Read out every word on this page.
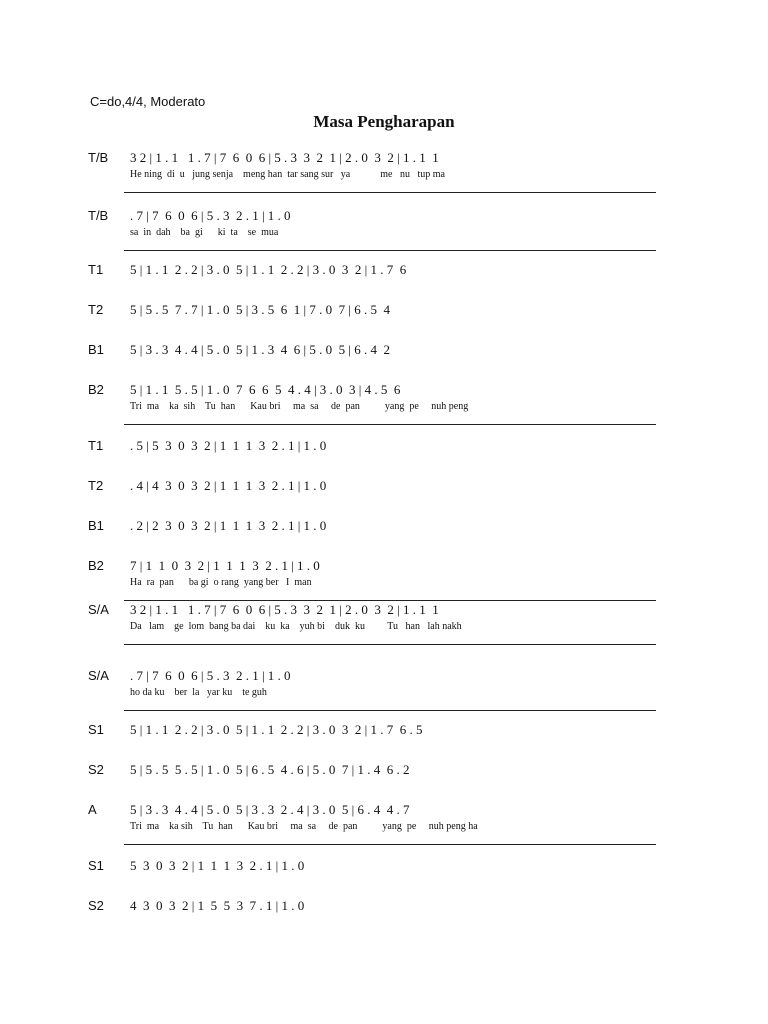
C=do,4/4, Moderato
Masa Pengharapan
T/B 3 2 | 1 . 1   1 . 7 | 7  6  0  6 | 5 . 3  3  2  1 | 2 . 0  3  2 | 1 . 1  1
He ning  di  u   jung senja    meng han  tar sang sur   ya            me   nu   tup ma
T/B . 7 | 7  6  0  6 | 5 . 3  2 . 1 | 1 . 0
sa  in  dah    ba  gi      ki  ta    se  mua
T1 5 | 1 . 1  2 . 2 | 3 . 0  5 | 1 . 1  2 . 2 | 3 . 0  3  2 | 1 . 7  6
T2 5 | 5 . 5  7 . 7 | 1 . 0  5 | 3 . 5  6  1 | 7 . 0  7 | 6 . 5  4
B1 5 | 3 . 3  4 . 4 | 5 . 0  5 | 1 . 3  4  6 | 5 . 0  5 | 6 . 4  2
B2 5 | 1 . 1  5 . 5 | 1 . 0  7  6  6  5  4 . 4 | 3 . 0  3 | 4 . 5  6
Tri  ma    ka  sih    Tu  han      Kau bri     ma  sa     de  pan          yang  pe     nuh peng
T1 . 5 | 5  3  0  3  2 | 1  1  1  3  2 . 1 | 1 . 0
T2 . 4 | 4  3  0  3  2 | 1  1  1  3  2 . 1 | 1 . 0
B1 . 2 | 2  3  0  3  2 | 1  1  1  3  2 . 1 | 1 . 0
B2 7 | 1  1  0  3  2 | 1  1  1  3  2 . 1 | 1 . 0
Ha  ra  pan      ba gi  o rang  yang ber   I  man
S/A 3 2 | 1 . 1   1 . 7 | 7  6  0  6 | 5 . 3  3  2  1 | 2 . 0  3  2 | 1 . 1  1
Da   lam    ge  lom  bang ba dai    ku  ka    yuh bi    duk  ku         Tu   han   lah nakh
S/A . 7 | 7  6  0  6 | 5 . 3  2 . 1 | 1 . 0
ho da ku    ber  la   yar ku    te guh
S1 5 | 1 . 1  2 . 2 | 3 . 0  5 | 1 . 1  2 . 2 | 3 . 0  3  2 | 1 . 7  6 . 5
S2 5 | 5 . 5  5 . 5 | 1 . 0  5 | 6 . 5  4 . 6 | 5 . 0  7 | 1 . 4  6 . 2
A	5 | 3 . 3  4 . 4 | 5 . 0  5 | 3 . 3  2 . 4 | 3 . 0  5 | 6 . 4  4 . 7
Tri  ma    ka sih    Tu  han      Kau bri     ma  sa     de  pan          yang  pe     nuh peng ha
S1 5  3  0  3  2 | 1  1  1  3  2 . 1 | 1 . 0
S2 4  3  0  3  2 | 1  5  5  3  7 . 1 | 1 . 0
